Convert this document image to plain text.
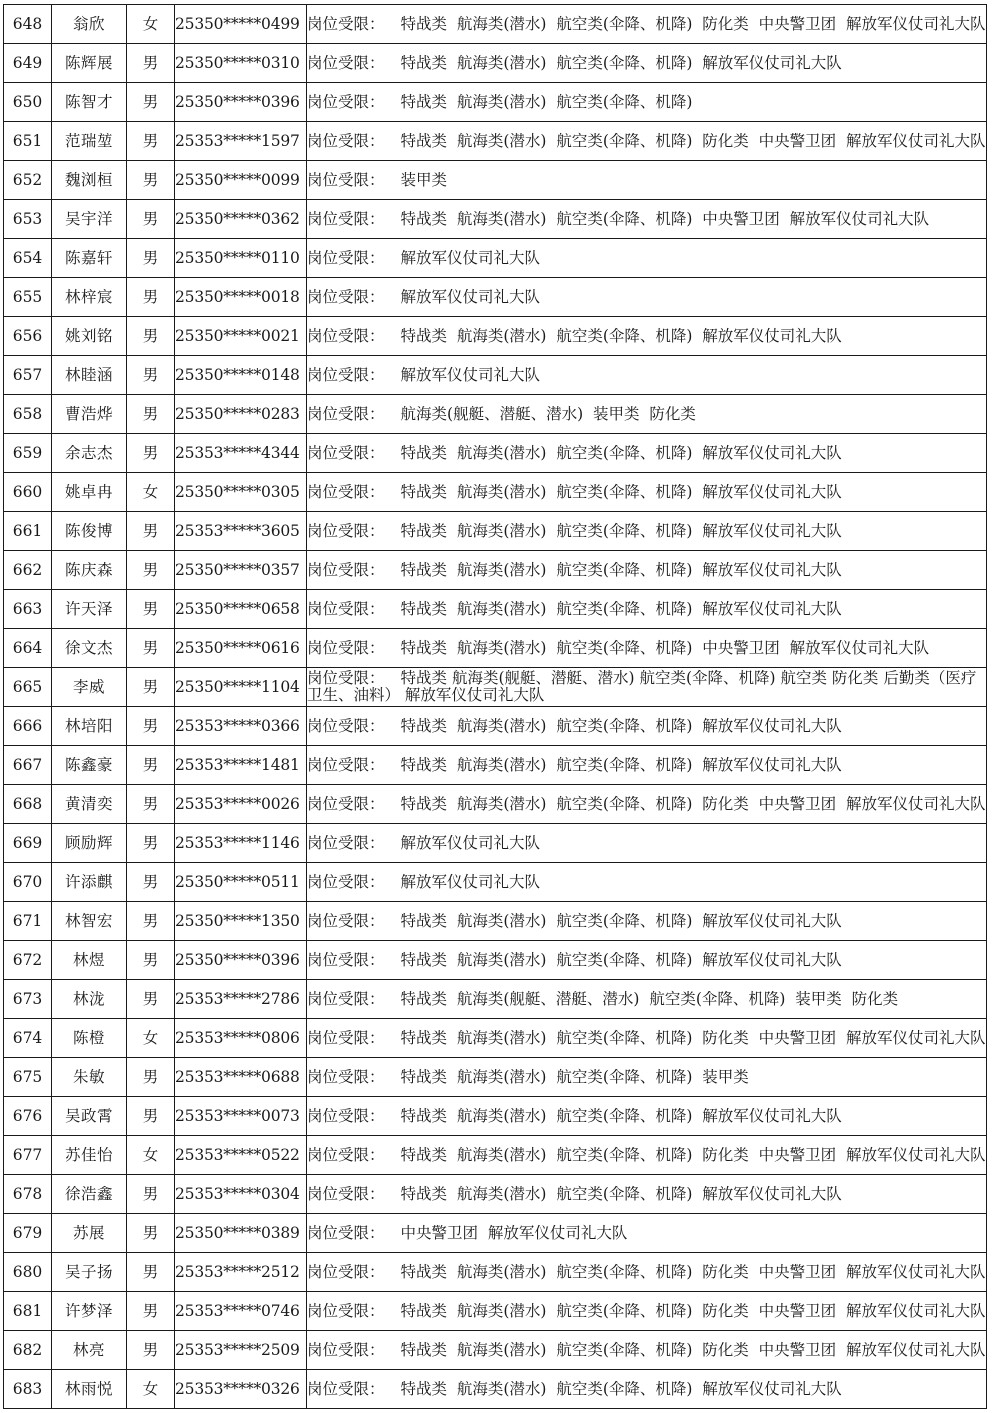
648	翁欣	女	25350*****0499	岗位受限： 特战类  航海类(潜水)  航空类(伞降、机降)  防化类  中央警卫团  解放军仪仗司礼大队
649	陈辉展	男	25350*****0310	岗位受限： 特战类  航海类(潜水)  航空类(伞降、机降)  解放军仪仗司礼大队
650	陈智才	男	25350*****0396	岗位受限： 特战类  航海类(潜水)  航空类(伞降、机降)
651	范瑞堃	男	25353*****1597	岗位受限： 特战类  航海类(潜水)  航空类(伞降、机降)  防化类  中央警卫团  解放军仪仗司礼大队
652	魏浏桓	男	25350*****0099	岗位受限： 装甲类
653	吴宇洋	男	25350*****0362	岗位受限： 特战类  航海类(潜水)  航空类(伞降、机降)  中央警卫团  解放军仪仗司礼大队
654	陈嘉轩	男	25350*****0110	岗位受限： 解放军仪仗司礼大队
655	林梓宸	男	25350*****0018	岗位受限： 解放军仪仗司礼大队
656	姚刘铭	男	25350*****0021	岗位受限： 特战类  航海类(潜水)  航空类(伞降、机降)  解放军仪仗司礼大队
657	林睦涵	男	25350*****0148	岗位受限： 解放军仪仗司礼大队
658	曹浩烨	男	25350*****0283	岗位受限： 航海类(舰艇、潜艇、潜水)  装甲类  防化类
659	余志杰	男	25353*****4344	岗位受限： 特战类  航海类(潜水)  航空类(伞降、机降)  解放军仪仗司礼大队
660	姚卓冉	女	25350*****0305	岗位受限： 特战类  航海类(潜水)  航空类(伞降、机降)  解放军仪仗司礼大队
661	陈俊博	男	25353*****3605	岗位受限： 特战类  航海类(潜水)  航空类(伞降、机降)  解放军仪仗司礼大队
662	陈庆森	男	25350*****0357	岗位受限： 特战类  航海类(潜水)  航空类(伞降、机降)  解放军仪仗司礼大队
663	许天泽	男	25350*****0658	岗位受限： 特战类  航海类(潜水)  航空类(伞降、机降)  解放军仪仗司礼大队
664	徐文杰	男	25350*****0616	岗位受限： 特战类  航海类(潜水)  航空类(伞降、机降)  中央警卫团  解放军仪仗司礼大队
665	李威	男	25350*****1104	岗位受限： 特战类 航海类(舰艇、潜艇、潜水) 航空类(伞降、机降) 航空类 防化类 后勤类（医疗卫生、油料） 解放军仪仗司礼大队
666	林培阳	男	25353*****0366	岗位受限： 特战类  航海类(潜水)  航空类(伞降、机降)  解放军仪仗司礼大队
667	陈鑫豪	男	25353*****1481	岗位受限： 特战类  航海类(潜水)  航空类(伞降、机降)  解放军仪仗司礼大队
668	黄清奕	男	25353*****0026	岗位受限： 特战类  航海类(潜水)  航空类(伞降、机降)  防化类  中央警卫团  解放军仪仗司礼大队
669	顾励辉	男	25353*****1146	岗位受限： 解放军仪仗司礼大队
670	许添麒	男	25350*****0511	岗位受限： 解放军仪仗司礼大队
671	林智宏	男	25350*****1350	岗位受限： 特战类  航海类(潜水)  航空类(伞降、机降)  解放军仪仗司礼大队
672	林煜	男	25350*****0396	岗位受限： 特战类  航海类(潜水)  航空类(伞降、机降)  解放军仪仗司礼大队
673	林泷	男	25353*****2786	岗位受限： 特战类  航海类(舰艇、潜艇、潜水)  航空类(伞降、机降)  装甲类  防化类
674	陈橙	女	25353*****0806	岗位受限： 特战类  航海类(潜水)  航空类(伞降、机降)  防化类  中央警卫团  解放军仪仗司礼大队
675	朱敏	男	25353*****0688	岗位受限： 特战类  航海类(潜水)  航空类(伞降、机降)  装甲类
676	吴政霄	男	25353*****0073	岗位受限： 特战类  航海类(潜水)  航空类(伞降、机降)  解放军仪仗司礼大队
677	苏佳怡	女	25353*****0522	岗位受限： 特战类  航海类(潜水)  航空类(伞降、机降)  防化类  中央警卫团  解放军仪仗司礼大队
678	徐浩鑫	男	25353*****0304	岗位受限： 特战类  航海类(潜水)  航空类(伞降、机降)  解放军仪仗司礼大队
679	苏展	男	25350*****0389	岗位受限： 中央警卫团  解放军仪仗司礼大队
680	吴子扬	男	25353*****2512	岗位受限： 特战类  航海类(潜水)  航空类(伞降、机降)  防化类  中央警卫团  解放军仪仗司礼大队
681	许梦泽	男	25353*****0746	岗位受限： 特战类  航海类(潜水)  航空类(伞降、机降)  防化类  中央警卫团  解放军仪仗司礼大队
682	林亮	男	25353*****2509	岗位受限： 特战类  航海类(潜水)  航空类(伞降、机降)  防化类  中央警卫团  解放军仪仗司礼大队
683	林雨悦	女	25353*****0326	岗位受限： 特战类  航海类(潜水)  航空类(伞降、机降)  解放军仪仗司礼大队
